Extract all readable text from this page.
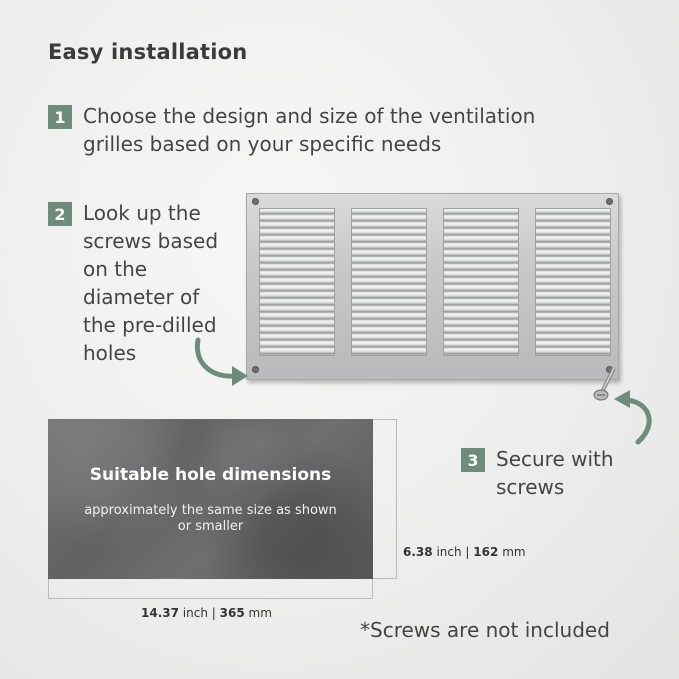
Easy installation
1 Choose the design and size of the ventilation
grilles based on your specific needs
2 Look up the
screws based
on the
diameter of
the pre-dilled
holes
3 Secure with
screws
Suitable hole dimensions
approximately the same size as shown
or smaller
6.38 inch | 162 mm
14.37 inch | 365 mm
*Screws are not included
